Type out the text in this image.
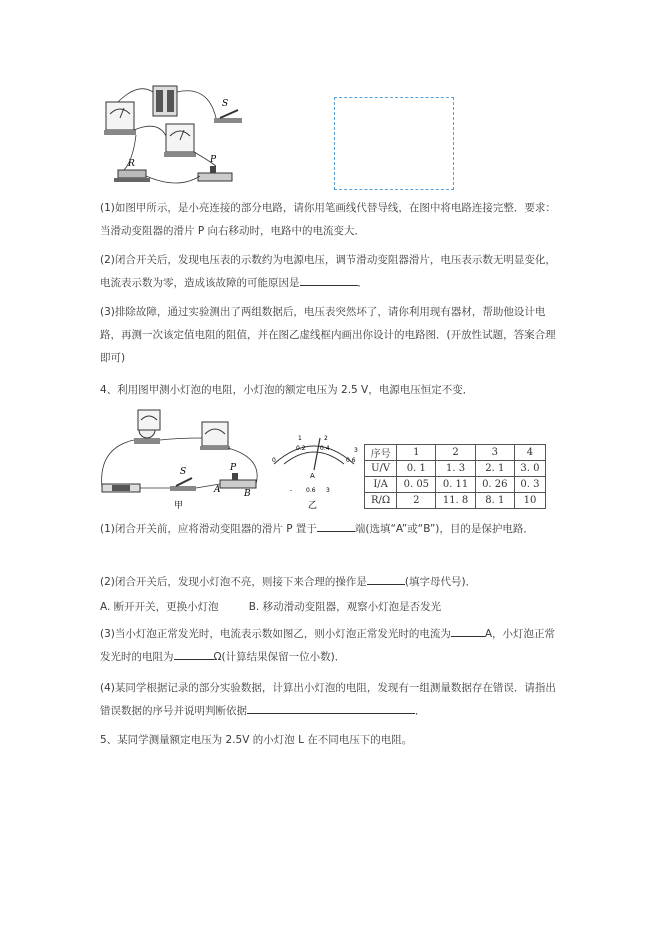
S
R	P
(1)如图甲所示，是小亮连接的部分电路，请你用笔画线代替导线，在图中将电路连接完整．要求：当滑动变阻器的滑片 P 向右移动时，电路中的电流变大．
(2)闭合开关后，发现电压表的示数约为电源电压，调节滑动变阻器滑片，电压表示数无明显变化，电流表示数为零，造成该故障的可能原因是	．
(3)排除故障，通过实验测出了两组数据后，电压表突然坏了，请你利用现有器材，帮助他设计电路，再测一次该定值电阻的阻值，并在图乙虚线框内画出你设计的电路图．(开放性试题，答案合理即可)
4、利用图甲测小灯泡的电阻，小灯泡的额定电压为 2.5 V，电源电压恒定不变．
S	P
A	B
甲
0
0.2 0.4
0.6
1	2
3
A
- 0.6 3
乙
序号	1	2	3	4
U/V	0. 1	1. 3	2. 1	3. 0
I/A	0. 05	0. 11	0. 26	0. 3
R/Ω	2	11. 8	8. 1	10
(1)闭合开关前，应将滑动变阻器的滑片 P 置于	端(选填“A”或“B”)，目的是保护电路．
(2)闭合开关后，发现小灯泡不亮，则接下来合理的操作是	(填字母代号)．
A. 断开开关，更换小灯泡	B. 移动滑动变阻器，观察小灯泡是否发光
(3)当小灯泡正常发光时，电流表示数如图乙，则小灯泡正常发光时的电流为	A，小灯泡正常发光时的电阻为	Ω(计算结果保留一位小数)．
(4)某同学根据记录的部分实验数据，计算出小灯泡的电阻，发现有一组测量数据存在错误．请指出错误数据的序号并说明判断依据	．
5、某同学测量额定电压为 2.5V 的小灯泡 L 在不同电压下的电阻。
